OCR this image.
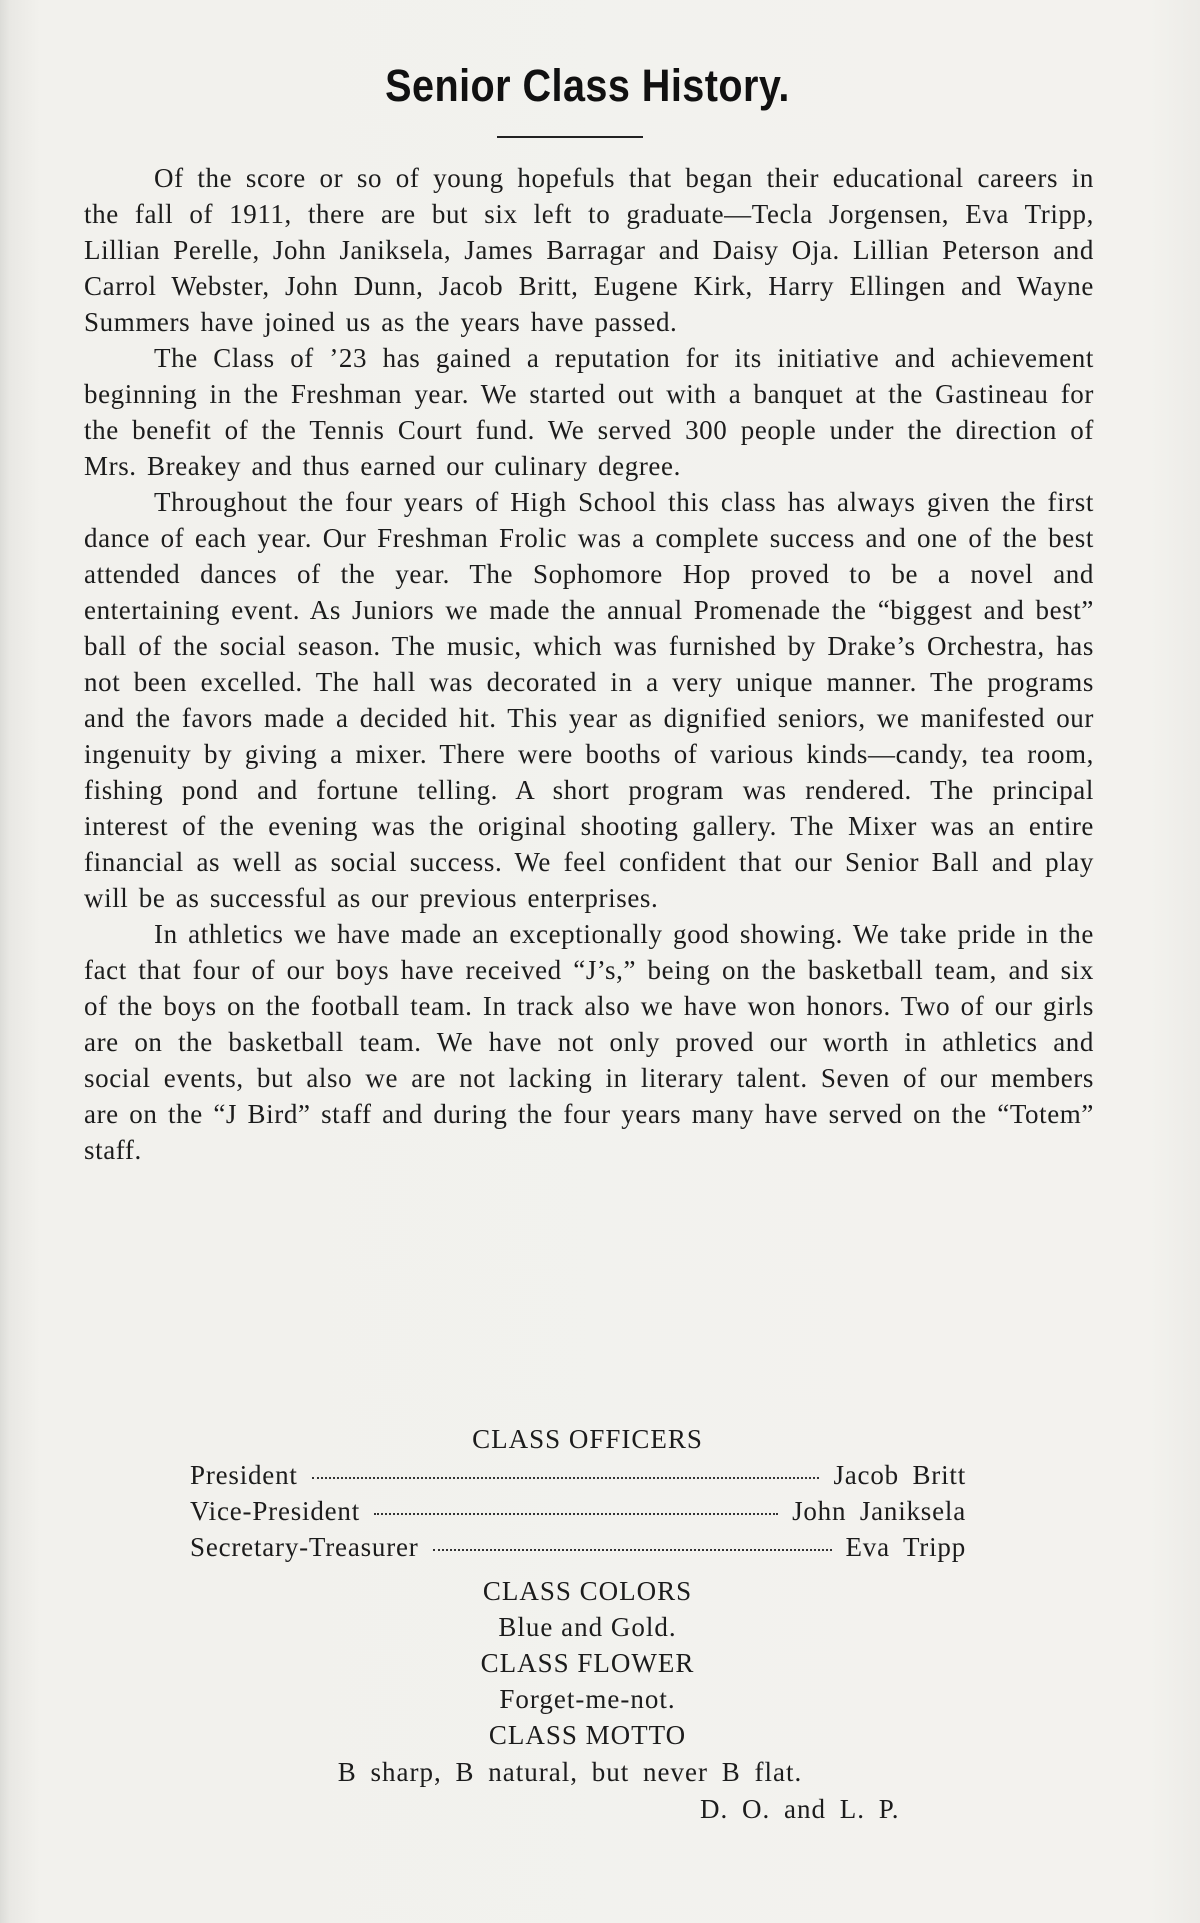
Senior Class History.

Of the score or so of young hopefuls that began their educational careers in the fall of 1911, there are but six left to graduate—Tecla Jorgensen, Eva Tripp, Lillian Perelle, John Janiksela, James Barragar and Daisy Oja. Lillian Peterson and Carrol Webster, John Dunn, Jacob Britt, Eugene Kirk, Harry Ellingen and Wayne Summers have joined us as the years have passed.

The Class of ’23 has gained a reputation for its initiative and achievement beginning in the Freshman year. We started out with a banquet at the Gastineau for the benefit of the Tennis Court fund. We served 300 people under the direction of Mrs. Breakey and thus earned our culinary degree.

Throughout the four years of High School this class has always given the first dance of each year. Our Freshman Frolic was a complete success and one of the best attended dances of the year. The Sophomore Hop proved to be a novel and entertaining event. As Juniors we made the annual Promenade the “biggest and best” ball of the social season. The music, which was furnished by Drake’s Orchestra, has not been excelled. The hall was decorated in a very unique manner. The programs and the favors made a decided hit. This year as dignified seniors, we manifested our ingenuity by giving a mixer. There were booths of various kinds—candy, tea room, fishing pond and fortune telling. A short program was rendered. The principal interest of the evening was the original shooting gallery. The Mixer was an entire financial as well as social success. We feel confident that our Senior Ball and play will be as successful as our previous enterprises.

In athletics we have made an exceptionally good showing. We take pride in the fact that four of our boys have received “J’s,” being on the basketball team, and six of the boys on the football team. In track also we have won honors. Two of our girls are on the basketball team. We have not only proved our worth in athletics and social events, but also we are not lacking in literary talent. Seven of our members are on the “J Bird” staff and during the four years many have served on the “Totem” staff.

CLASS OFFICERS
President	Jacob Britt
Vice-President	John Janiksela
Secretary-Treasurer	Eva Tripp
CLASS COLORS
Blue and Gold.
CLASS FLOWER
Forget-me-not.
CLASS MOTTO
B sharp, B natural, but never B flat.
D. O. and L. P.
